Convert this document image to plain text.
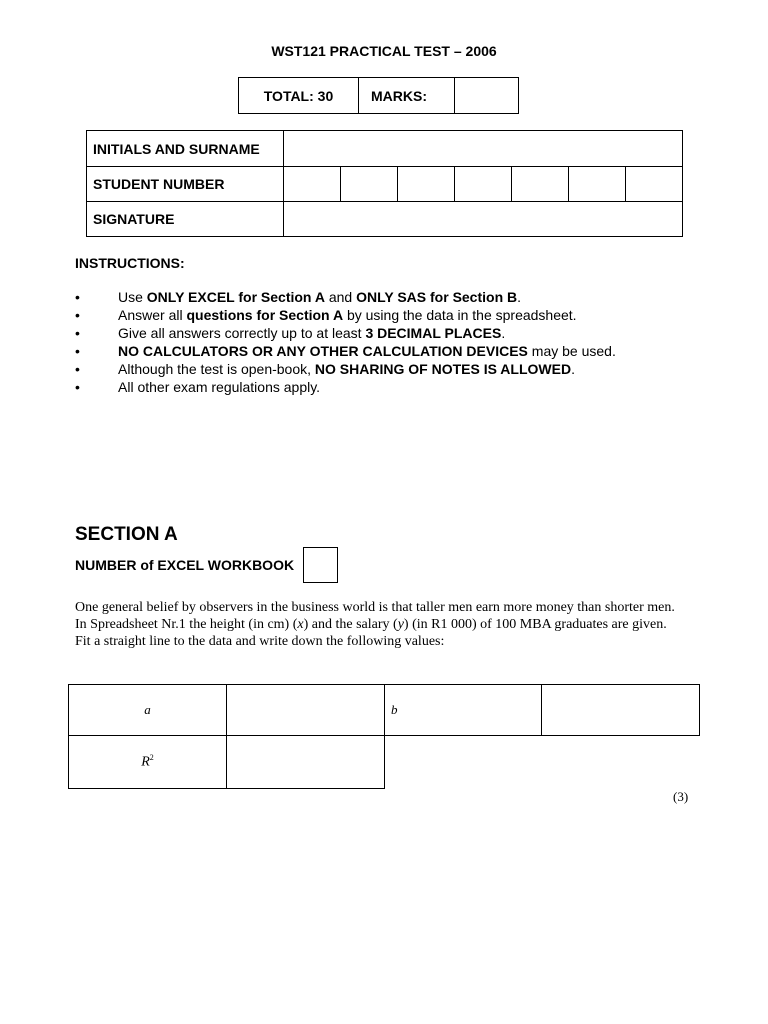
WST121 PRACTICAL TEST – 2006
TOTAL: 30	MARKS:	
INITIALS AND SURNAME							
STUDENT NUMBER							
SIGNATURE							
INSTRUCTIONS:
•	Use ONLY EXCEL for Section A and ONLY SAS for Section B.
•	Answer all questions for Section A by using the data in the spreadsheet.
•	Give all answers correctly up to at least 3 DECIMAL PLACES.
•	NO CALCULATORS OR ANY OTHER CALCULATION DEVICES may be used.
•	Although the test is open-book, NO SHARING OF NOTES IS ALLOWED.
•	All other exam regulations apply.
SECTION A
NUMBER of EXCEL WORKBOOK
One general belief by observers in the business world is that taller men earn more money than shorter men.
In Spreadsheet Nr.1 the height (in cm) (x) and the salary (y) (in R1 000) of 100 MBA graduates are given.
Fit a straight line to the data and write down the following values:
a		b	
$R^2$			
(3)
